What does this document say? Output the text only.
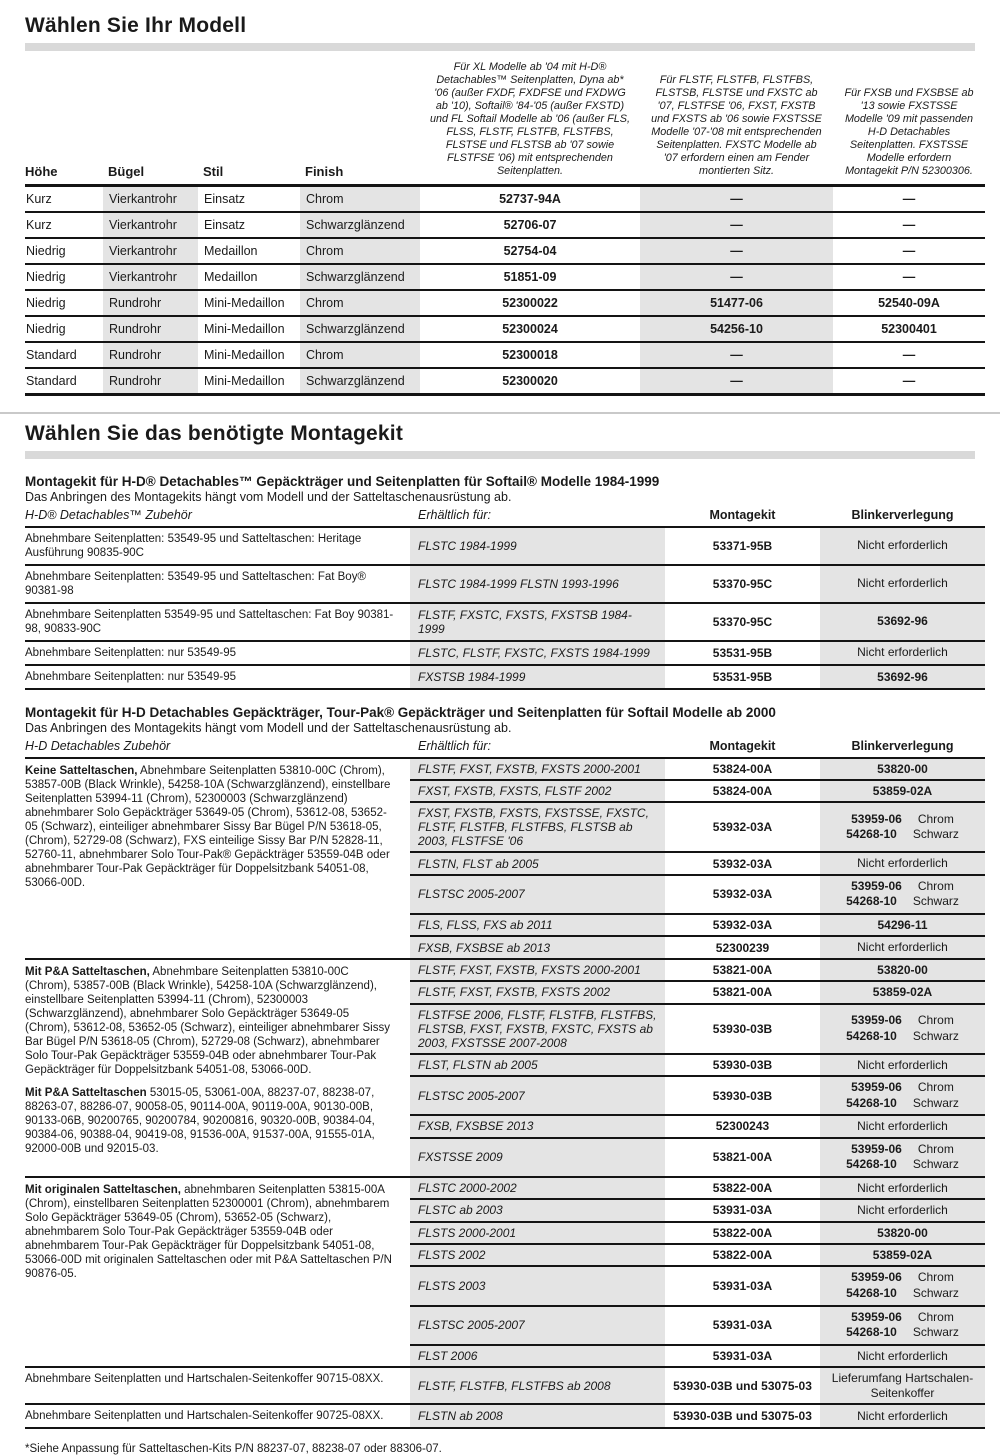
Wählen Sie Ihr Modell
Höhe	Bügel	Stil	Finish	Für XL Modelle ab '04 mit H-D® Detachables™ Seitenplatten, Dyna ab* '06 (außer FXDF, FXDFSE und FXDWG ab '10), Softail® '84-'05 (außer FXSTD) und FL Softail Modelle ab '06 (außer FLS, FLSS, FLSTF, FLSTFB, FLSTFBS, FLSTSE und FLSTSB ab '07 sowie FLSTFSE '06) mit entsprechenden Seitenplatten.	Für FLSTF, FLSTFB, FLSTFBS, FLSTSB, FLSTSE und FXSTC ab '07, FLSTFSE '06, FXST, FXSTB und FXSTS ab '06 sowie FXSTSSE Modelle '07-'08 mit entsprechenden Seitenplatten. FXSTC Modelle ab '07 erfordern einen am Fender montierten Sitz.	Für FXSB und FXSBSE ab '13 sowie FXSTSSE Modelle '09 mit passenden H-D Detachables Seitenplatten. FXSTSSE Modelle erfordern Montagekit P/N 52300306.
Kurz	Vierkantrohr	Einsatz	Chrom	52737-94A	—	—
Kurz	Vierkantrohr	Einsatz	Schwarzglänzend	52706-07	—	—
Niedrig	Vierkantrohr	Medaillon	Chrom	52754-04	—	—
Niedrig	Vierkantrohr	Medaillon	Schwarzglänzend	51851-09	—	—
Niedrig	Rundrohr	Mini-Medaillon	Chrom	52300022	51477-06	52540-09A
Niedrig	Rundrohr	Mini-Medaillon	Schwarzglänzend	52300024	54256-10	52300401
Standard	Rundrohr	Mini-Medaillon	Chrom	52300018	—	—
Standard	Rundrohr	Mini-Medaillon	Schwarzglänzend	52300020	—	—
Wählen Sie das benötigte Montagekit

Montagekit für H-D® Detachables™ Gepäckträger und Seitenplatten für Softail® Modelle 1984-1999

Das Anbringen des Montagekits hängt vom Modell und der Satteltaschenausrüstung ab.

H-D® Detachables™ Zubehör	Erhältlich für:	Montagekit	Blinkerverlegung
Abnehmbare Seitenplatten: 53549-95 und Satteltaschen: Heritage Ausführung 90835-90C	FLSTC 1984-1999	53371-95B	Nicht erforderlich
Abnehmbare Seitenplatten: 53549-95 und Satteltaschen: Fat Boy® 90381-98	FLSTC 1984-1999 FLSTN 1993-1996	53370-95C	Nicht erforderlich
Abnehmbare Seitenplatten 53549-95 und Satteltaschen: Fat Boy 90381-98, 90833-90C	FLSTF, FXSTC, FXSTS, FXSTSB 1984-1999	53370-95C	53692-96
Abnehmbare Seitenplatten: nur 53549-95	FLSTC, FLSTF, FXSTC, FXSTS 1984-1999	53531-95B	Nicht erforderlich
Abnehmbare Seitenplatten: nur 53549-95	FXSTSB 1984-1999	53531-95B	53692-96

Montagekit für H-D Detachables Gepäckträger, Tour-Pak® Gepäckträger und Seitenplatten für Softail Modelle ab 2000

Das Anbringen des Montagekits hängt vom Modell und der Satteltaschenausrüstung ab.

H-D Detachables Zubehör	Erhältlich für:	Montagekit	Blinkerverlegung

Keine Satteltaschen, Abnehmbare Seitenplatten 53810-00C (Chrom), 53857-00B (Black Wrinkle), 54258-10A (Schwarzglänzend), einstellbare Seitenplatten 53994-11 (Chrom), 52300003 (Schwarzglänzend) abnehmbarer Solo Gepäckträger 53649-05 (Chrom), 53612-08, 53652-05 (Schwarz), einteiliger abnehmbarer Sissy Bar Bügel P/N 53618-05, (Chrom), 52729-08 (Schwarz), FXS einteilige Sissy Bar P/N 52828-11, 52760-11, abnehmbarer Solo Tour-Pak® Gepäckträger 53559-04B oder abnehmbarer Tour-Pak Gepäckträger für Doppelsitzbank 54051-08, 53066-00D.	FLSTF, FXST, FXSTB, FXSTS 2000-2001	53824-00A	53820-00
	FXST, FXSTB, FXSTS, FLSTF 2002	53824-00A	53859-02A
	FXST, FXSTB, FXSTS, FXSTSSE, FXSTC, FLSTF, FLSTFB, FLSTFBS, FLSTSB ab 2003, FLSTFSE '06	53932-03A	53959-06 Chrom
54268-10 Schwarz

	FLSTN, FLST ab 2005	53932-03A	Nicht erforderlich
	FLSTSC 2005-2007	53932-03A	53959-06 Chrom
54268-10 Schwarz

	FLS, FLSS, FXS ab 2011	53932-03A	54296-11
	FXSB, FXSBSE ab 2013	52300239	Nicht erforderlich

Mit P&A Satteltaschen, Abnehmbare Seitenplatten 53810-00C (Chrom), 53857-00B (Black Wrinkle), 54258-10A (Schwarzglänzend), einstellbare Seitenplatten 53994-11 (Chrom), 52300003 (Schwarzglänzend), abnehmbarer Solo Gepäckträger 53649-05 (Chrom), 53612-08, 53652-05 (Schwarz), einteiliger abnehmbarer Sissy Bar Bügel P/N 53618-05 (Chrom), 52729-08 (Schwarz), abnehmbarer Solo Tour-Pak Gepäckträger 53559-04B oder abnehmbarer Tour-Pak Gepäckträger für Doppelsitzbank 54051-08, 53066-00D.

Mit P&A Satteltaschen 53015-05, 53061-00A, 88237-07, 88238-07, 88263-07, 88286-07, 90058-05, 90114-00A, 90119-00A, 90130-00B, 90133-06B, 90200765, 90200784, 90200816, 90320-00B, 90384-04, 90384-06, 90388-04, 90419-08, 91536-00A, 91537-00A, 91555-01A, 92000-00B und 92015-03.	FLSTF, FXST, FXSTB, FXSTS 2000-2001	53821-00A	53820-00
	FLSTF, FXST, FXSTB, FXSTS 2002	53821-00A	53859-02A
	FLSTFSE 2006, FLSTF, FLSTFB, FLSTFBS, FLSTSB, FXST, FXSTB, FXSTC, FXSTS ab 2003, FXSTSSE 2007-2008	53930-03B	53959-06 Chrom
54268-10 Schwarz

	FLST, FLSTN ab 2005	53930-03B	Nicht erforderlich
	FLSTSC 2005-2007	53930-03B	53959-06 Chrom
54268-10 Schwarz

	FXSB, FXSBSE 2013	52300243	Nicht erforderlich
	FXSTSSE 2009	53821-00A	53959-06 Chrom
54268-10 Schwarz

Mit originalen Satteltaschen, abnehmbaren Seitenplatten 53815-00A (Chrom), einstellbaren Seitenplatten 52300001 (Chrom), abnehmbarem Solo Gepäckträger 53649-05 (Chrom), 53652-05 (Schwarz), abnehmbarem Solo Tour-Pak Gepäckträger 53559-04B oder abnehmbarem Tour-Pak Gepäckträger für Doppelsitzbank 54051-08, 53066-00D mit originalen Satteltaschen oder mit P&A Satteltaschen P/N 90876-05.	FLSTC 2000-2002	53822-00A	Nicht erforderlich
	FLSTC ab 2003	53931-03A	Nicht erforderlich
	FLSTS 2000-2001	53822-00A	53820-00
	FLSTS 2002	53822-00A	53859-02A
	FLSTS 2003	53931-03A	53959-06 Chrom
54268-10 Schwarz

	FLSTSC 2005-2007	53931-03A	53959-06 Chrom
54268-10 Schwarz

	FLST 2006	53931-03A	Nicht erforderlich
Abnehmbare Seitenplatten und Hartschalen-Seitenkoffer 90715-08XX.	FLSTF, FLSTFB, FLSTFBS ab 2008	53930-03B und 53075-03	Lieferumfang Hartschalen-Seitenkoffer
Abnehmbare Seitenplatten und Hartschalen-Seitenkoffer 90725-08XX.	FLSTN ab 2008	53930-03B und 53075-03	Nicht erforderlich

*Siehe Anpassung für Satteltaschen-Kits P/N 88237-07, 88238-07 oder 88306-07.
